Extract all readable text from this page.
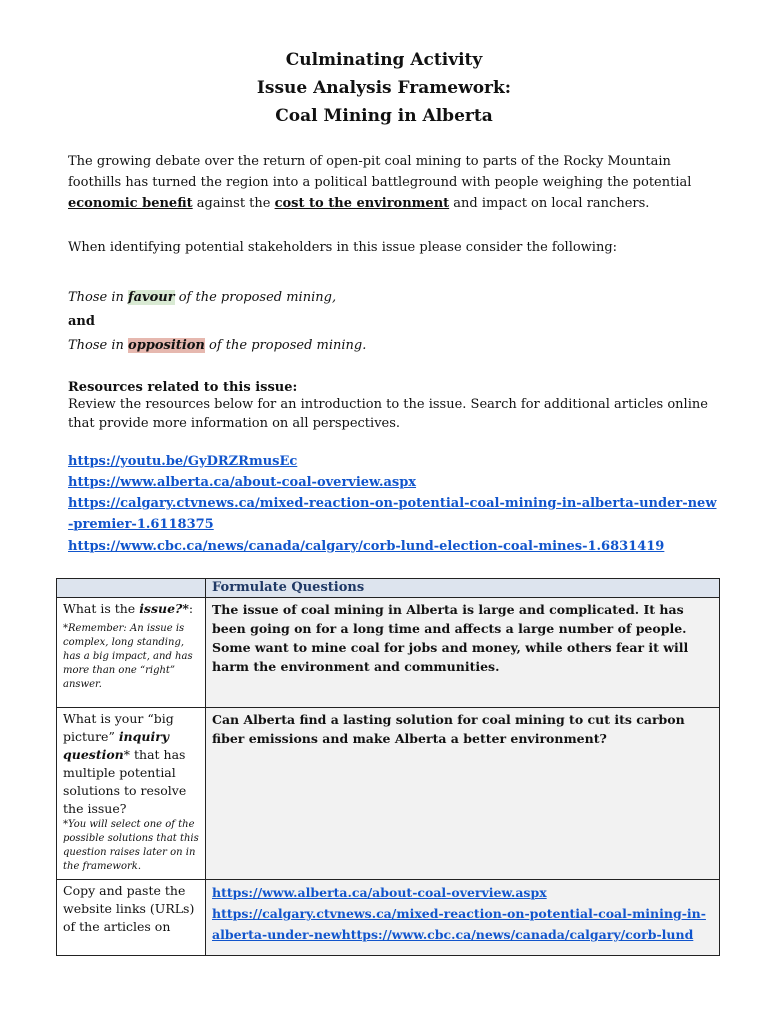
Culminating Activity
Issue Analysis Framework:
Coal Mining in Alberta
The growing debate over the return of open-pit coal mining to parts of the Rocky Mountain foothills has turned the region into a political battleground with people weighing the potential economic benefit against the cost to the environment and impact on local ranchers.
When identifying potential stakeholders in this issue please consider the following:
Those in favour of the proposed mining,
and
Those in opposition of the proposed mining.
Resources related to this issue:
Review the resources below for an introduction to the issue. Search for additional articles online that provide more information on all perspectives.
https://youtu.be/GyDRZRmusEc
https://www.alberta.ca/about-coal-overview.aspx
https://calgary.ctvnews.ca/mixed-reaction-on-potential-coal-mining-in-alberta-under-new
-premier-1.6118375
https://www.cbc.ca/news/canada/calgary/corb-lund-election-coal-mines-1.6831419
	Formulate Questions
What is the issue?*:
*Remember: An issue is complex, long standing, has a big impact, and has more than one “right” answer.	The issue of coal mining in Alberta is large and complicated. It has been going on for a long time and affects a large number of people. Some want to mine coal for jobs and money, while others fear it will harm the environment and communities.
What is your “big picture” inquiry question* that has multiple potential solutions to resolve the issue?
*You will select one of the possible solutions that this question raises later on in the framework.	Can Alberta find a lasting solution for coal mining to cut its carbon fiber emissions and make Alberta a better environment?
Copy and paste the website links (URLs) of the articles on	https://www.alberta.ca/about-coal-overview.aspx
https://calgary.ctvnews.ca/mixed-reaction-on-potential-coal-mining-in-
alberta-under-newhttps://www.cbc.ca/news/canada/calgary/corb-lund
